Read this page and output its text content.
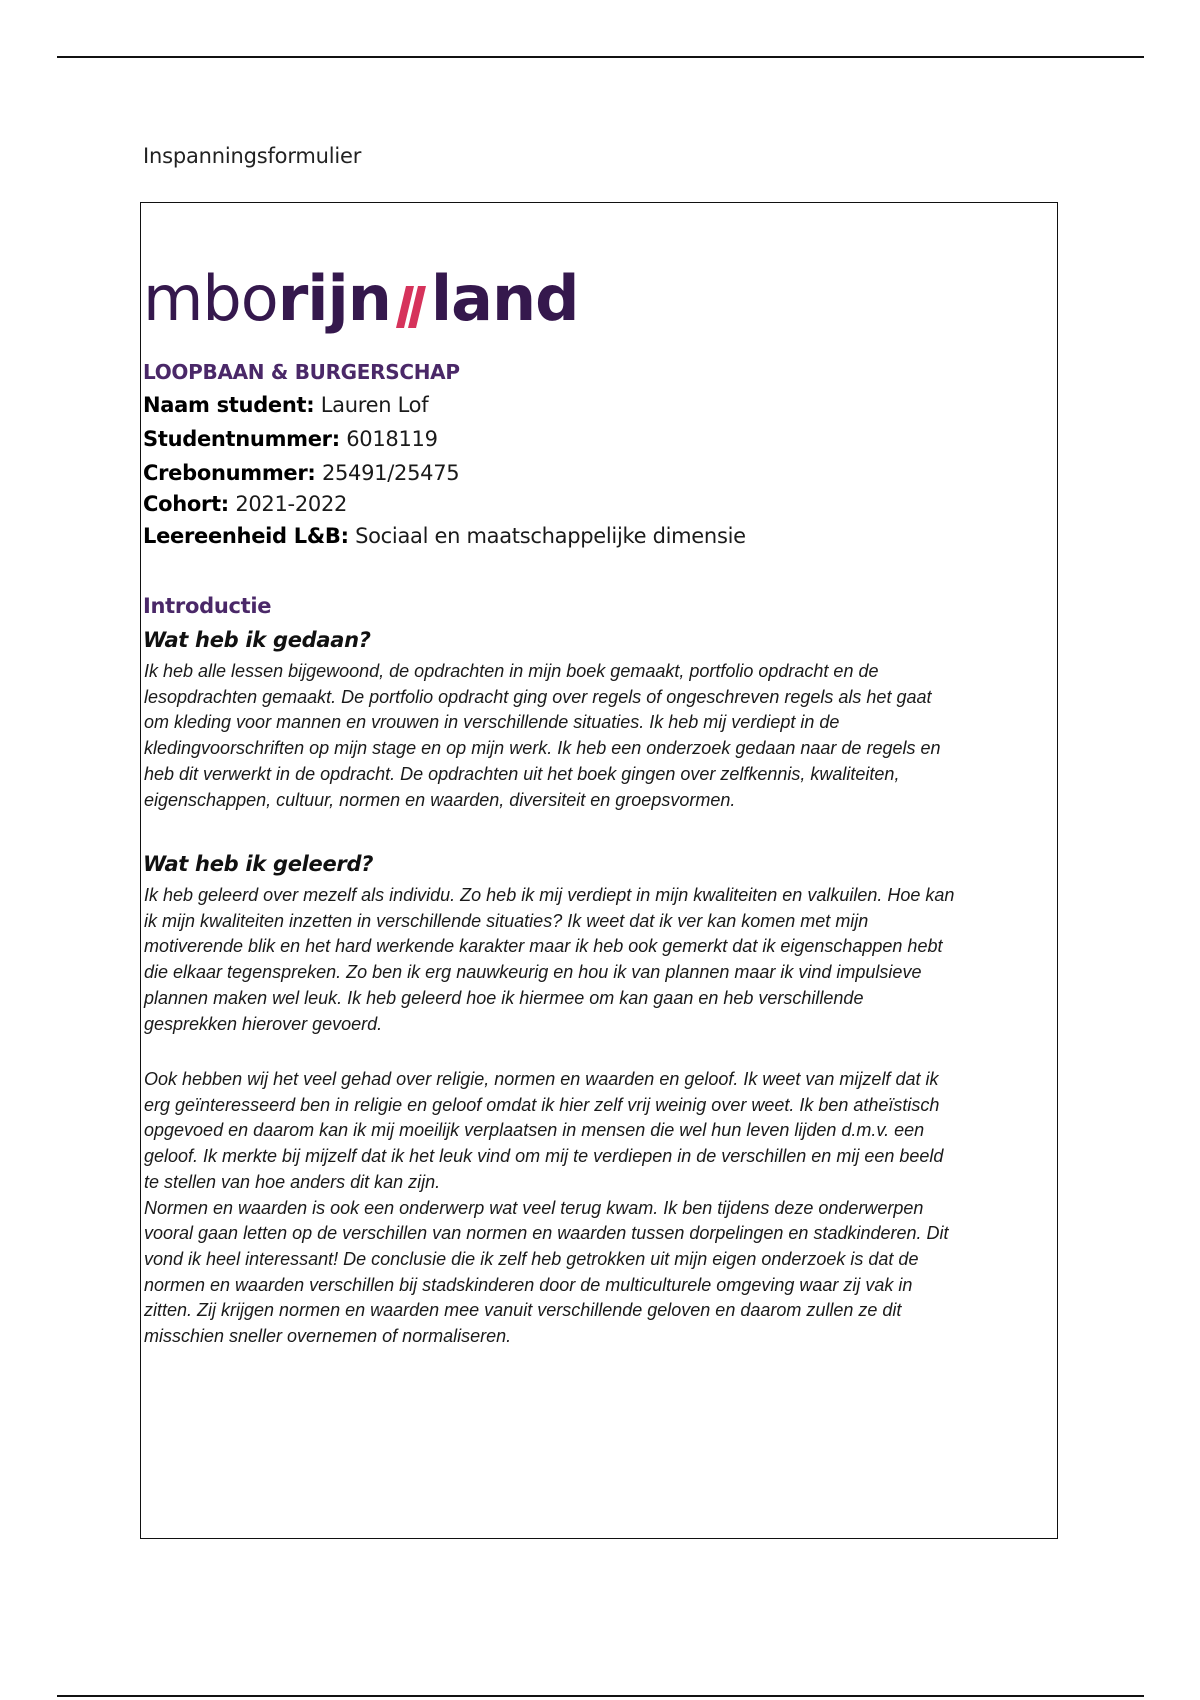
Inspanningsformulier
mbo rijn land
LOOPBAAN & BURGERSCHAP
Naam student: Lauren Lof
Studentnummer: 6018119
Crebonummer: 25491/25475
Cohort: 2021-2022
Leereenheid L&B: Sociaal en maatschappelijke dimensie
Introductie
Wat heb ik gedaan?
Ik heb alle lessen bijgewoond, de opdrachten in mijn boek gemaakt, portfolio opdracht en de
lesopdrachten gemaakt. De portfolio opdracht ging over regels of ongeschreven regels als het gaat
om kleding voor mannen en vrouwen in verschillende situaties. Ik heb mij verdiept in de
kledingvoorschriften op mijn stage en op mijn werk. Ik heb een onderzoek gedaan naar de regels en
heb dit verwerkt in de opdracht. De opdrachten uit het boek gingen over zelfkennis, kwaliteiten,
eigenschappen, cultuur, normen en waarden, diversiteit en groepsvormen.
Wat heb ik geleerd?
Ik heb geleerd over mezelf als individu. Zo heb ik mij verdiept in mijn kwaliteiten en valkuilen. Hoe kan
ik mijn kwaliteiten inzetten in verschillende situaties? Ik weet dat ik ver kan komen met mijn
motiverende blik en het hard werkende karakter maar ik heb ook gemerkt dat ik eigenschappen hebt
die elkaar tegenspreken. Zo ben ik erg nauwkeurig en hou ik van plannen maar ik vind impulsieve
plannen maken wel leuk. Ik heb geleerd hoe ik hiermee om kan gaan en heb verschillende
gesprekken hierover gevoerd.
Ook hebben wij het veel gehad over religie, normen en waarden en geloof. Ik weet van mijzelf dat ik
erg geïnteresseerd ben in religie en geloof omdat ik hier zelf vrij weinig over weet. Ik ben atheïstisch
opgevoed en daarom kan ik mij moeilijk verplaatsen in mensen die wel hun leven lijden d.m.v. een
geloof. Ik merkte bij mijzelf dat ik het leuk vind om mij te verdiepen in de verschillen en mij een beeld
te stellen van hoe anders dit kan zijn.
Normen en waarden is ook een onderwerp wat veel terug kwam. Ik ben tijdens deze onderwerpen
vooral gaan letten op de verschillen van normen en waarden tussen dorpelingen en stadkinderen. Dit
vond ik heel interessant! De conclusie die ik zelf heb getrokken uit mijn eigen onderzoek is dat de
normen en waarden verschillen bij stadskinderen door de multiculturele omgeving waar zij vak in
zitten. Zij krijgen normen en waarden mee vanuit verschillende geloven en daarom zullen ze dit
misschien sneller overnemen of normaliseren.
